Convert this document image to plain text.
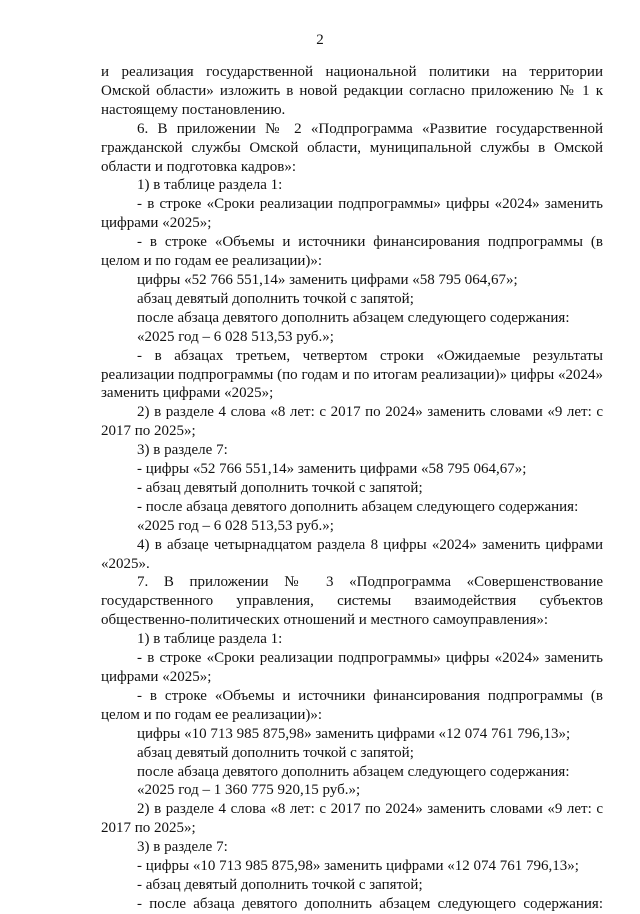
2

и реализация государственной национальной политики на территории Омской области» изложить в новой редакции согласно приложению № 1 к настоящему постановлению.

6. В приложении № 2 «Подпрограмма «Развитие государственной гражданской службы Омской области, муниципальной службы в Омской области и подготовка кадров»:

1) в таблице раздела 1:

- в строке «Сроки реализации подпрограммы» цифры «2024» заменить цифрами «2025»;

- в строке «Объемы и источники финансирования подпрограммы (в целом и по годам ее реализации)»:

цифры «52 766 551,14» заменить цифрами «58 795 064,67»;

абзац девятый дополнить точкой с запятой;

после абзаца девятого дополнить абзацем следующего содержания:

«2025 год – 6 028 513,53 руб.»;

- в абзацах третьем, четвертом строки «Ожидаемые результаты реализации подпрограммы (по годам и по итогам реализации)» цифры «2024» заменить цифрами «2025»;

2) в разделе 4 слова «8 лет: с 2017 по 2024» заменить словами «9 лет: с 2017 по 2025»;

3) в разделе 7:

- цифры «52 766 551,14» заменить цифрами «58 795 064,67»;

- абзац девятый дополнить точкой с запятой;

- после абзаца девятого дополнить абзацем следующего содержания:

«2025 год – 6 028 513,53 руб.»;

4) в абзаце четырнадцатом раздела 8 цифры «2024» заменить цифрами «2025».

7. В приложении № 3 «Подпрограмма «Совершенствование государственного управления, системы взаимодействия субъектов общественно-политических отношений и местного самоуправления»:

1) в таблице раздела 1:

- в строке «Сроки реализации подпрограммы» цифры «2024» заменить цифрами «2025»;

- в строке «Объемы и источники финансирования подпрограммы (в целом и по годам ее реализации)»:

цифры «10 713 985 875,98» заменить цифрами «12 074 761 796,13»;

абзац девятый дополнить точкой с запятой;

после абзаца девятого дополнить абзацем следующего содержания:

«2025 год – 1 360 775 920,15 руб.»;

2) в разделе 4 слова «8 лет: с 2017 по 2024» заменить словами «9 лет: с 2017 по 2025»;

3) в разделе 7:

- цифры «10 713 985 875,98» заменить цифрами «12 074 761 796,13»;

- абзац девятый дополнить точкой с запятой;

- после абзаца девятого дополнить абзацем следующего содержания:
